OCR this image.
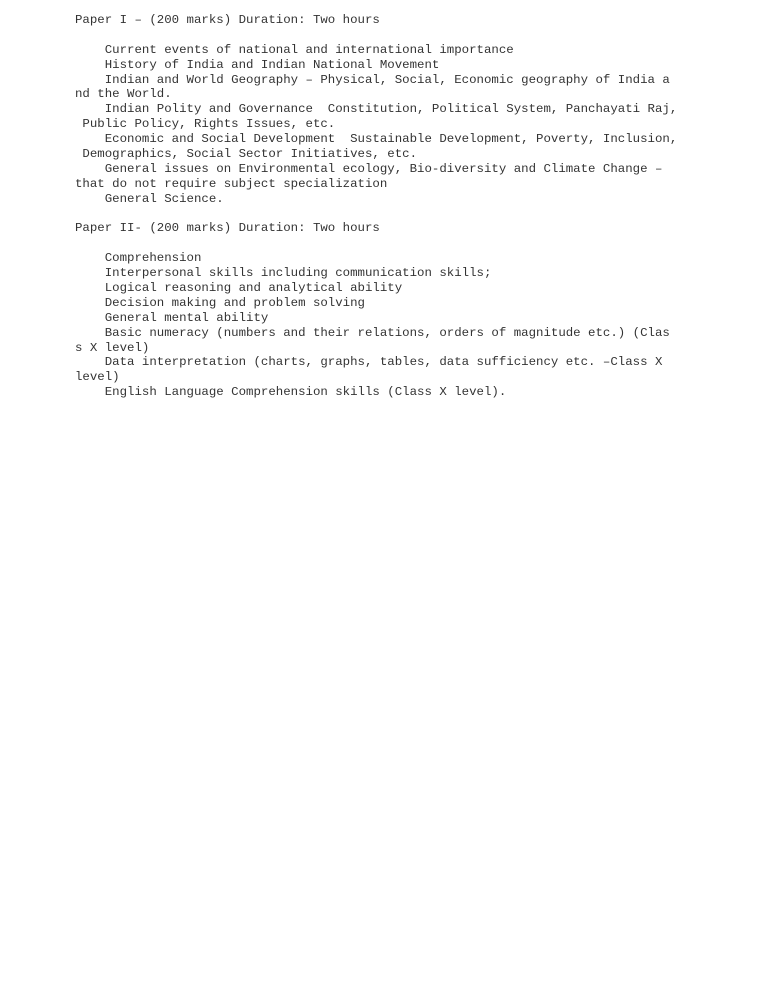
Paper I – (200 marks) Duration: Two hours
Current events of national and international importance
History of India and Indian National Movement
Indian and World Geography – Physical, Social, Economic geography of India a
nd the World.
Indian Polity and Governance  Constitution, Political System, Panchayati Raj,
Public Policy, Rights Issues, etc.
Economic and Social Development  Sustainable Development, Poverty, Inclusion,
Demographics, Social Sector Initiatives, etc.
General issues on Environmental ecology, Bio-diversity and Climate Change –
that do not require subject specialization
General Science.
Paper II- (200 marks) Duration: Two hours
Comprehension
Interpersonal skills including communication skills;
Logical reasoning and analytical ability
Decision making and problem solving
General mental ability
Basic numeracy (numbers and their relations, orders of magnitude etc.) (Clas
s X level)
Data interpretation (charts, graphs, tables, data sufficiency etc. –Class X
level)
English Language Comprehension skills (Class X level).
